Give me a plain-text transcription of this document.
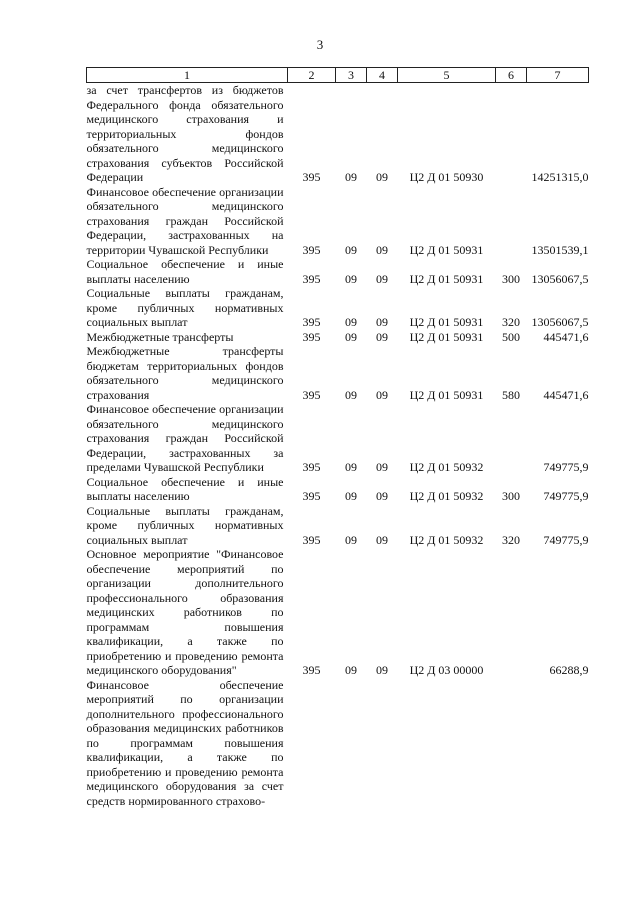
3
1	2	3	4	5	6	7
за счет трансфертов из бюджетов Федерального фонда обязательного медицинского страхования и территориальных фондов обязательного медицинского страхования субъектов Российской Федерации	395	09	09	Ц2 Д 01 50930		14251315,0
Финансовое обеспечение организации обязательного медицинского страхования граждан Российской Федерации, застрахованных на территории Чувашской Республики	395	09	09	Ц2 Д 01 50931		13501539,1
Социальное обеспечение и иные выплаты населению	395	09	09	Ц2 Д 01 50931	300	13056067,5
Социальные выплаты гражданам, кроме публичных нормативных социальных выплат	395	09	09	Ц2 Д 01 50931	320	13056067,5
Межбюджетные трансферты	395	09	09	Ц2 Д 01 50931	500	445471,6
Межбюджетные трансферты бюджетам территориальных фондов обязательного медицинского страхования	395	09	09	Ц2 Д 01 50931	580	445471,6
Финансовое обеспечение организации обязательного медицинского страхования граждан Российской Федерации, застрахованных за пределами Чувашской Республики	395	09	09	Ц2 Д 01 50932		749775,9
Социальное обеспечение и иные выплаты населению	395	09	09	Ц2 Д 01 50932	300	749775,9
Социальные выплаты гражданам, кроме публичных нормативных социальных выплат	395	09	09	Ц2 Д 01 50932	320	749775,9
Основное мероприятие "Финансовое обеспечение мероприятий по организации дополнительного профессионального образования медицинских работников по программам повышения квалификации, а также по приобретению и проведению ремонта медицинского оборудования"	395	09	09	Ц2 Д 03 00000		66288,9
Финансовое обеспечение мероприятий по организации дополнительного профессионального образования медицинских работников по программам повышения квалификации, а также по приобретению и проведению ремонта медицинского оборудования за счет средств нормированного страхово-						
